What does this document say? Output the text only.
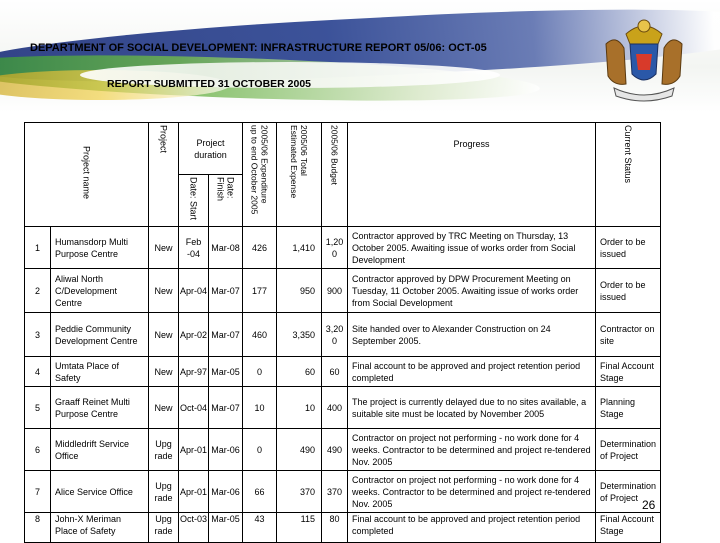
DEPARTMENT OF SOCIAL DEVELOPMENT: INFRASTRUCTURE REPORT 05/06: OCT-05
REPORT SUBMITTED 31 OCTOBER 2005
Project name		Project	Project duration		2005/06 Expenditure up to end October 2005	2005/06 Total Estimated Expense	2005/06 Budget	Progress	Current Status
			Date: Start	Date: Finish					
1	Humansdorp Multi Purpose Centre	New	Feb -04	Mar-08	426	1,410	1,20 0	Contractor approved by TRC Meeting on Thursday, 13 October 2005. Awaiting issue of works order from Social Development	Order to be issued
2	Aliwal North C/Development Centre	New	Apr-04	Mar-07	177	950	900	Contractor approved by DPW Procurement Meeting on Tuesday, 11 October 2005. Awaiting issue of works order from Social Development	Order to be issued
3	Peddie Community Development Centre	New	Apr-02	Mar-07	460	3,350	3,20 0	Site handed over to Alexander Construction on 24 September 2005.	Contractor on site
4	Umtata Place of Safety	New	Apr-97	Mar-05	0	60	60	Final account to be approved and project retention period completed	Final Account Stage
5	Graaff Reinet Multi Purpose Centre	New	Oct-04	Mar-07	10	10	400	The project is currently delayed due to no sites available, a suitable site must be located by November 2005	Planning Stage
6	Middledrift Service Office	Upg rade	Apr-01	Mar-06	0	490	490	Contractor on project not performing - no work done for 4 weeks. Contractor to be determined and project re-tendered Nov. 2005	Determination of Project
7	Alice Service Office	Upg rade	Apr-01	Mar-06	66	370	370	Contractor on project not performing - no work done for 4 weeks. Contractor to be determined and project re-tendered Nov. 2005	Determination of Project
8	John-X Meriman Place of Safety	Upg rade	Oct-03	Mar-05	43	115	80	Final account to be approved and project retention period completed	Final Account Stage
26
